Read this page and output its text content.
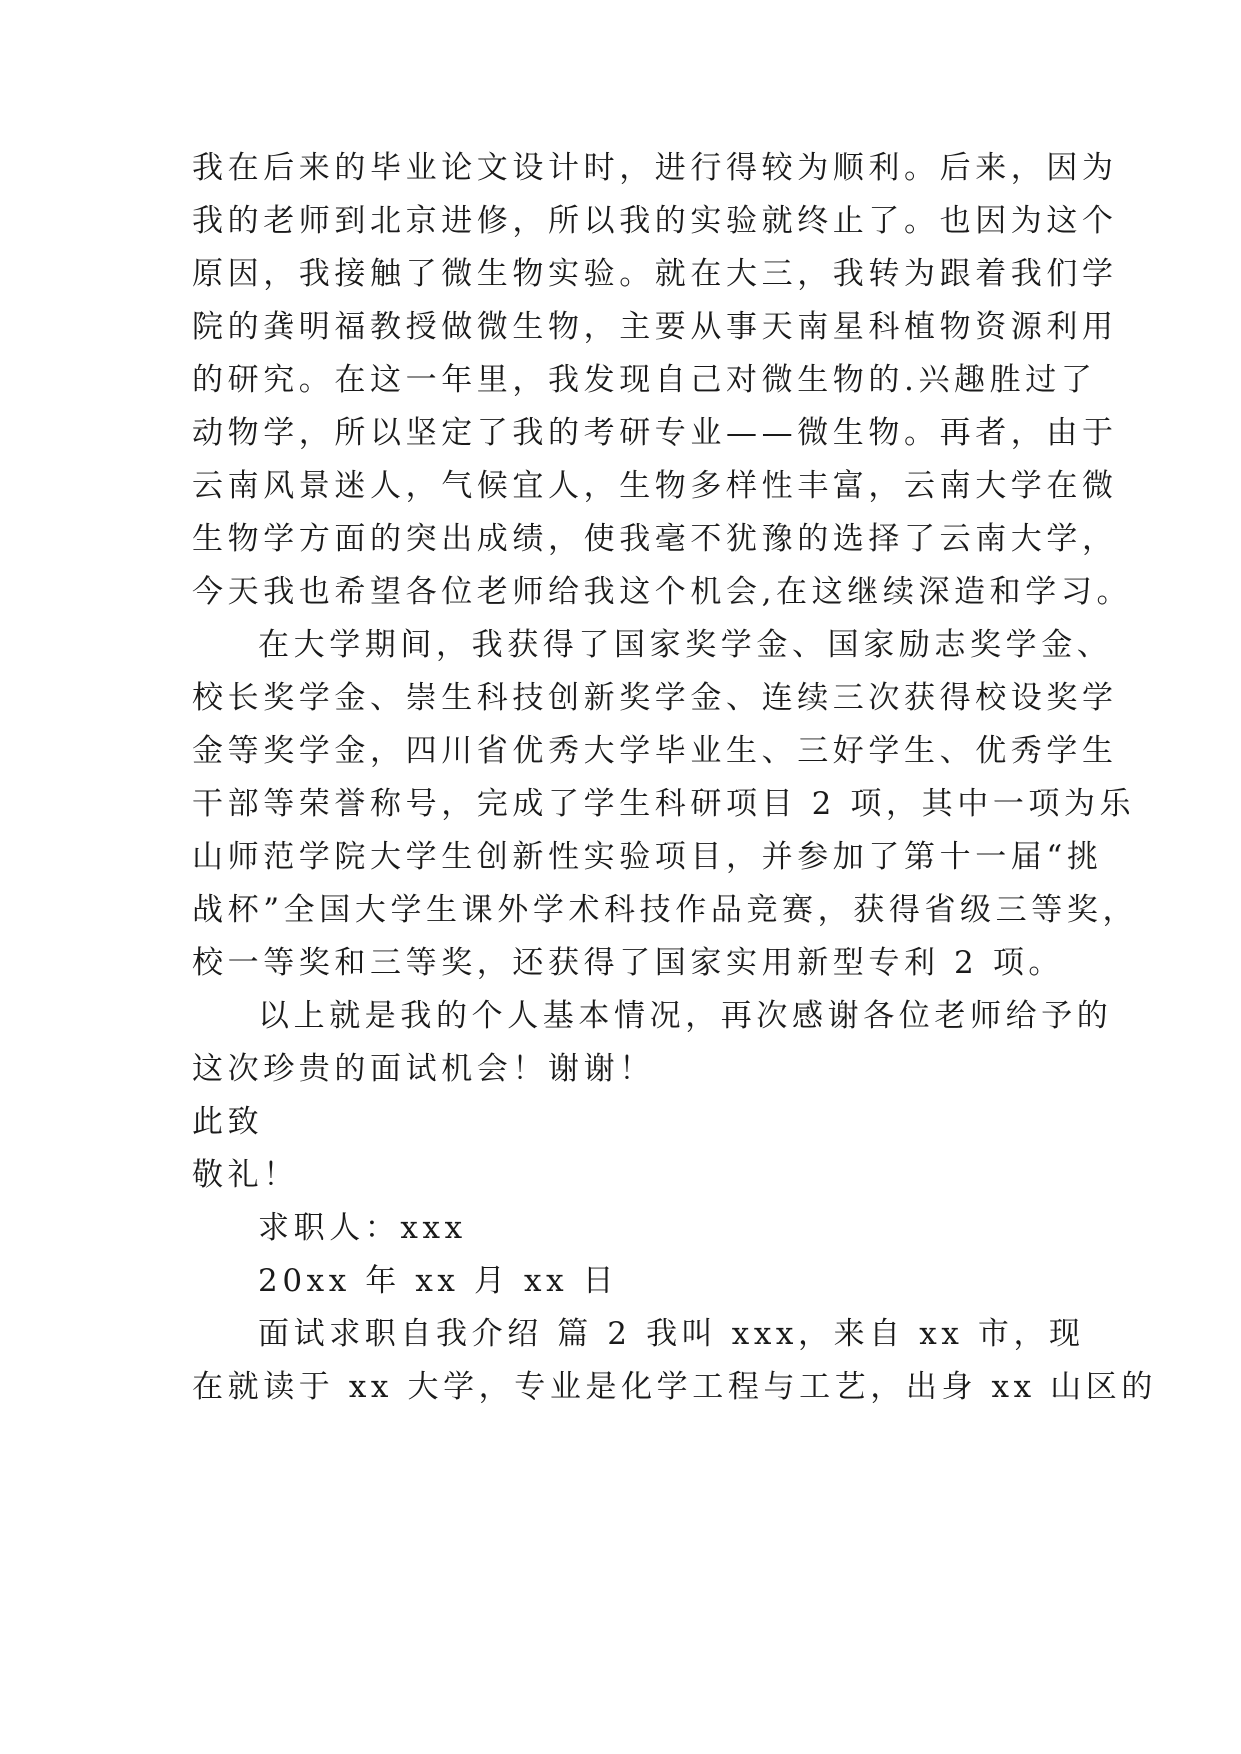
我在后来的毕业论文设计时，进行得较为顺利。后来，因为
我的老师到北京进修，所以我的实验就终止了。也因为这个
原因，我接触了微生物实验。就在大三，我转为跟着我们学
院的龚明福教授做微生物，主要从事天南星科植物资源利用
的研究。在这一年里，我发现自己对微生物的.兴趣胜过了
动物学，所以坚定了我的考研专业——微生物。再者，由于
云南风景迷人，气候宜人，生物多样性丰富，云南大学在微
生物学方面的突出成绩，使我毫不犹豫的选择了云南大学，
今天我也希望各位老师给我这个机会,在这继续深造和学习。
在大学期间，我获得了国家奖学金、国家励志奖学金、
校长奖学金、崇生科技创新奖学金、连续三次获得校设奖学
金等奖学金，四川省优秀大学毕业生、三好学生、优秀学生
干部等荣誉称号，完成了学生科研项目 2 项，其中一项为乐
山师范学院大学生创新性实验项目，并参加了第十一届“挑
战杯”全国大学生课外学术科技作品竞赛，获得省级三等奖，
校一等奖和三等奖，还获得了国家实用新型专利 2 项。
以上就是我的个人基本情况，再次感谢各位老师给予的
这次珍贵的面试机会！谢谢！
此致
敬礼！
求职人：xxx
20xx 年 xx 月 xx 日
面试求职自我介绍 篇 2 我叫 xxx，来自 xx 市，现
在就读于 xx 大学，专业是化学工程与工艺，出身 xx 山区的
